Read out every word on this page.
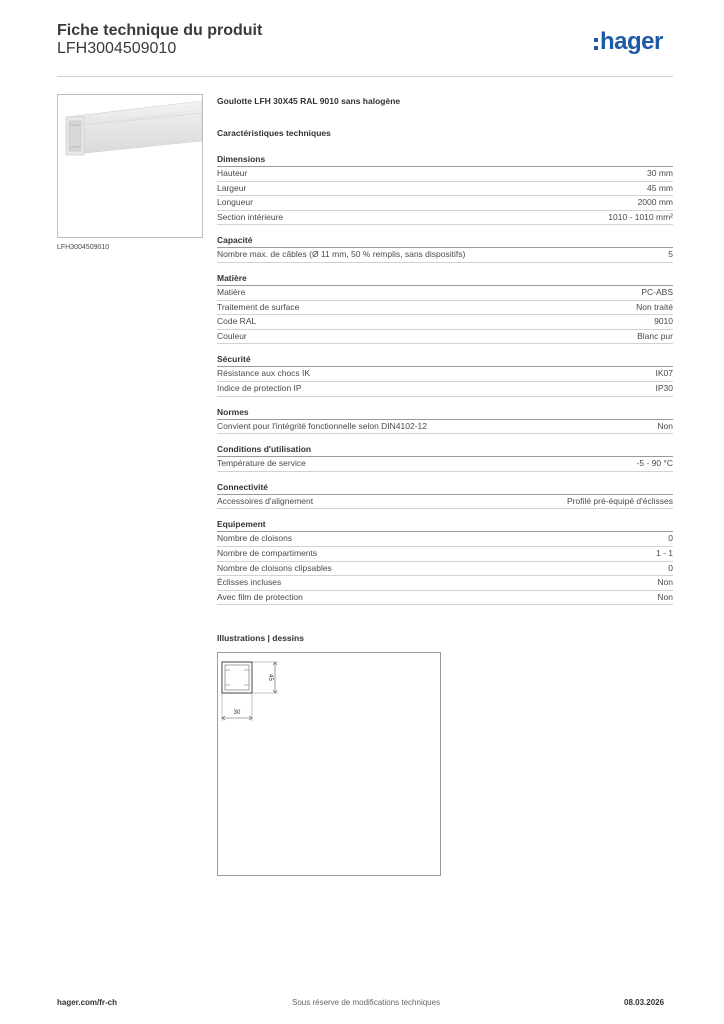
Fiche technique du produit
LFH3004509010	hager
LFH3004509010
Goulotte LFH 30X45 RAL 9010 sans halogène
Caractéristiques techniques
Dimensions
Hauteur	30 mm
Largeur	45 mm
Longueur	2000 mm
Section intérieure	1010 - 1010 mm²
Capacité
Nombre max. de câbles (Ø 11 mm, 50 % remplis, sans dispositifs)	5
Matière
Matière	PC-ABS
Traitement de surface	Non traité
Code RAL	9010
Couleur	Blanc pur
Sécurité
Résistance aux chocs IK	IK07
Indice de protection IP	IP30
Normes
Convient pour l'intégrité fonctionnelle selon DIN4102-12	Non
Conditions d'utilisation
Température de service	-5 - 90 °C
Connectivité
Accessoires d'alignement	Profilé pré-équipé d'éclisses
Equipement
Nombre de cloisons	0
Nombre de compartiments	1 - 1
Nombre de cloisons clipsables	0
Éclisses incluses	Non
Avec film de protection	Non
Illustrations | dessins
45
30
hager.com/fr-ch	Sous réserve de modifications techniques	08.03.2026
